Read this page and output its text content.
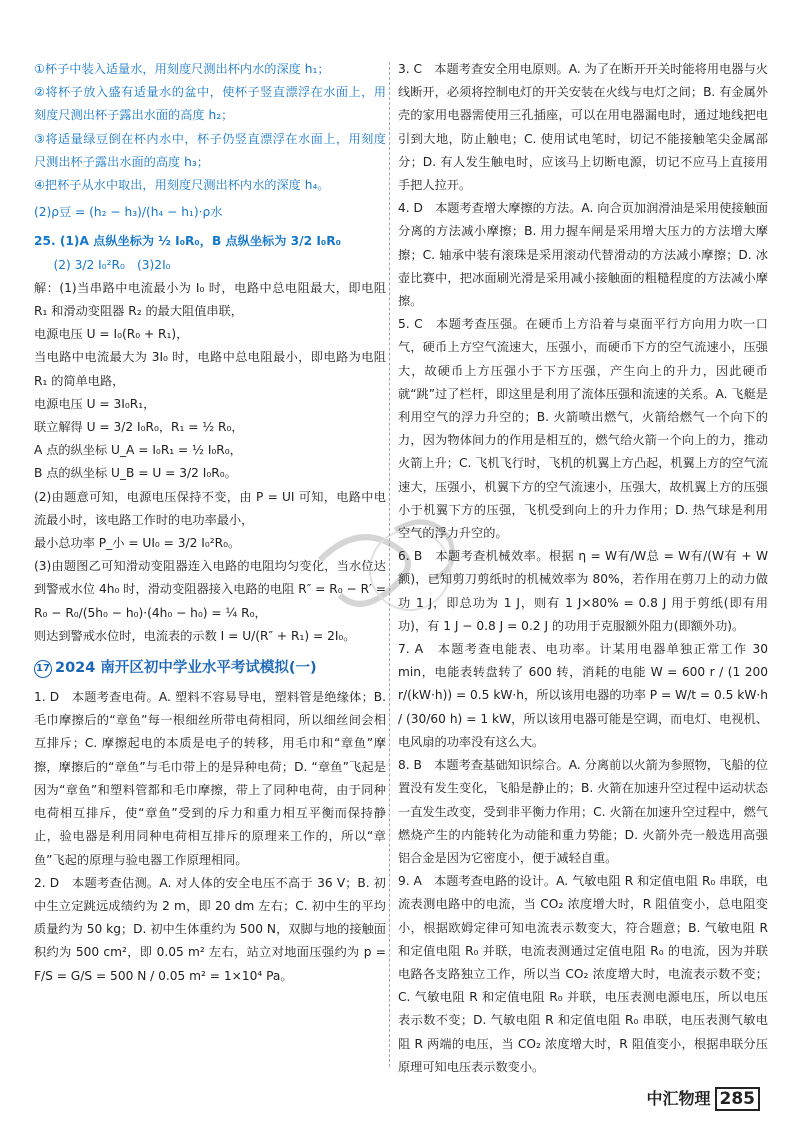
①杯子中装入适量水，用刻度尺测出杯内水的深度 h₁；

②将杯子放入盛有适量水的盆中，使杯子竖直漂浮在水面上，用刻度尺测出杯子露出水面的高度 h₂；

③将适量绿豆倒在杯内水中，杯子仍竖直漂浮在水面上，用刻度尺测出杯子露出水面的高度 h₃；

④把杯子从水中取出，用刻度尺测出杯内水的深度 h₄。

(2)ρ豆 = (h₂ − h₃)/(h₄ − h₁)·ρ水

25. (1)A 点纵坐标为 ½ I₀R₀，B 点纵坐标为 3/2 I₀R₀

(2) 3/2 I₀²R₀　(3)2I₀

解：(1)当串路中电流最小为 I₀ 时，电路中总电阻最大，即电阻 R₁ 和滑动变阻器 R₂ 的最大阻值串联，

电源电压 U = I₀(R₀ + R₁)，

当电路中电流最大为 3I₀ 时，电路中总电阻最小，即电路为电阻 R₁ 的简单电路，

电源电压 U = 3I₀R₁，

联立解得 U = 3/2 I₀R₀，R₁ = ½ R₀，

A 点的纵坐标 U_A = I₀R₁ = ½ I₀R₀，

B 点的纵坐标 U_B = U = 3/2 I₀R₀。

(2)由题意可知，电源电压保持不变，由 P = UI 可知，电路中电流最小时，该电路工作时的电功率最小，

最小总功率 P_小 = UI₀ = 3/2 I₀²R₀。

(3)由题图乙可知滑动变阻器连入电路的电阻均匀变化，当水位达到警戒水位 4h₀ 时，滑动变阻器接入电路的电阻 R″ = R₀ − R′ = R₀ − R₀/(5h₀ − h₀)·(4h₀ − h₀) = ¼ R₀，

则达到警戒水位时，电流表的示数 I = U/(R″ + R₁) = 2I₀。

17 2024 南开区初中学业水平考试模拟(一)

1. D　本题考查电荷。A. 塑料不容易导电，塑料管是绝缘体；B. 毛巾摩擦后的“章鱼”每一根细丝所带电荷相同，所以细丝间会相互排斥；C. 摩擦起电的本质是电子的转移，用毛巾和“章鱼”摩擦，摩擦后的“章鱼”与毛巾带上的是异种电荷；D. “章鱼”飞起是因为“章鱼”和塑料管都和毛巾摩擦，带上了同种电荷，由于同种电荷相互排斥，使“章鱼”受到的斥力和重力相互平衡而保持静止，验电器是利用同种电荷相互排斥的原理来工作的，所以“章鱼”飞起的原理与验电器工作原理相同。

2. D　本题考查估测。A. 对人体的安全电压不高于 36 V；B. 初中生立定跳远成绩约为 2 m，即 20 dm 左右；C. 初中生的平均质量约为 50 kg；D. 初中生体重约为 500 N，双脚与地的接触面积约为 500 cm²，即 0.05 m² 左右，站立对地面压强约为 p = F/S = G/S = 500 N / 0.05 m² = 1×10⁴ Pa。

3. C　本题考查安全用电原则。A. 为了在断开开关时能将用电器与火线断开，必须将控制电灯的开关安装在火线与电灯之间；B. 有金属外壳的家用电器需使用三孔插座，可以在用电器漏电时，通过地线把电引到大地，防止触电；C. 使用试电笔时，切记不能接触笔尖金属部分；D. 有人发生触电时，应该马上切断电源，切记不应马上直接用手把人拉开。

4. D　本题考查增大摩擦的方法。A. 向合页加润滑油是采用使接触面分离的方法减小摩擦；B. 用力握车闸是采用增大压力的方法增大摩擦；C. 轴承中装有滚珠是采用滚动代替滑动的方法减小摩擦；D. 冰壶比赛中，把冰面刷光滑是采用减小接触面的粗糙程度的方法减小摩擦。

5. C　本题考查压强。在硬币上方沿着与桌面平行方向用力吹一口气，硬币上方空气流速大，压强小，而硬币下方的空气流速小，压强大，故硬币上方压强小于下方压强，产生向上的升力，因此硬币就“跳”过了栏杆，即这里是利用了流体压强和流速的关系。A. 飞艇是利用空气的浮力升空的；B. 火箭喷出燃气，火箭给燃气一个向下的力，因为物体间力的作用是相互的，燃气给火箭一个向上的力，推动火箭上升；C. 飞机飞行时，飞机的机翼上方凸起，机翼上方的空气流速大，压强小，机翼下方的空气流速小，压强大，故机翼上方的压强小于机翼下方的压强，飞机受到向上的升力作用；D. 热气球是利用空气的浮力升空的。

6. B　本题考查机械效率。根据 η = W有/W总 = W有/(W有 + W额)，已知剪刀剪纸时的机械效率为 80%，若作用在剪刀上的动力做功 1 J，即总功为 1 J，则有 1 J×80% = 0.8 J 用于剪纸(即有用功)，有 1 J − 0.8 J = 0.2 J 的功用于克服额外阻力(即额外功)。

7. A　本题考查电能表、电功率。计某用电器单独正常工作 30 min，电能表转盘转了 600 转，消耗的电能 W = 600 r / (1 200 r/(kW·h)) = 0.5 kW·h，所以该用电器的功率 P = W/t = 0.5 kW·h / (30/60 h) = 1 kW，所以该用电器可能是空调，而电灯、电视机、电风扇的功率没有这么大。

8. B　本题考查基础知识综合。A. 分离前以火箭为参照物，飞船的位置没有发生变化，飞船是静止的；B. 火箭在加速升空过程中运动状态一直发生改变，受到非平衡力作用；C. 火箭在加速升空过程中，燃气燃烧产生的内能转化为动能和重力势能；D. 火箭外壳一般选用高强铝合金是因为它密度小，便于减轻自重。

9. A　本题考查电路的设计。A. 气敏电阻 R 和定值电阻 R₀ 串联，电流表测电路中的电流，当 CO₂ 浓度增大时，R 阻值变小，总电阻变小，根据欧姆定律可知电流表示数变大，符合题意；B. 气敏电阻 R 和定值电阻 R₀ 并联，电流表测通过定值电阻 R₀ 的电流，因为并联电路各支路独立工作，所以当 CO₂ 浓度增大时，电流表示数不变；C. 气敏电阻 R 和定值电阻 R₀ 并联，电压表测电源电压，所以电压表示数不变；D. 气敏电阻 R 和定值电阻 R₀ 串联，电压表测气敏电阻 R 两端的电压，当 CO₂ 浓度增大时，R 阻值变小，根据串联分压原理可知电压表示数变小。

中汇物理 285
